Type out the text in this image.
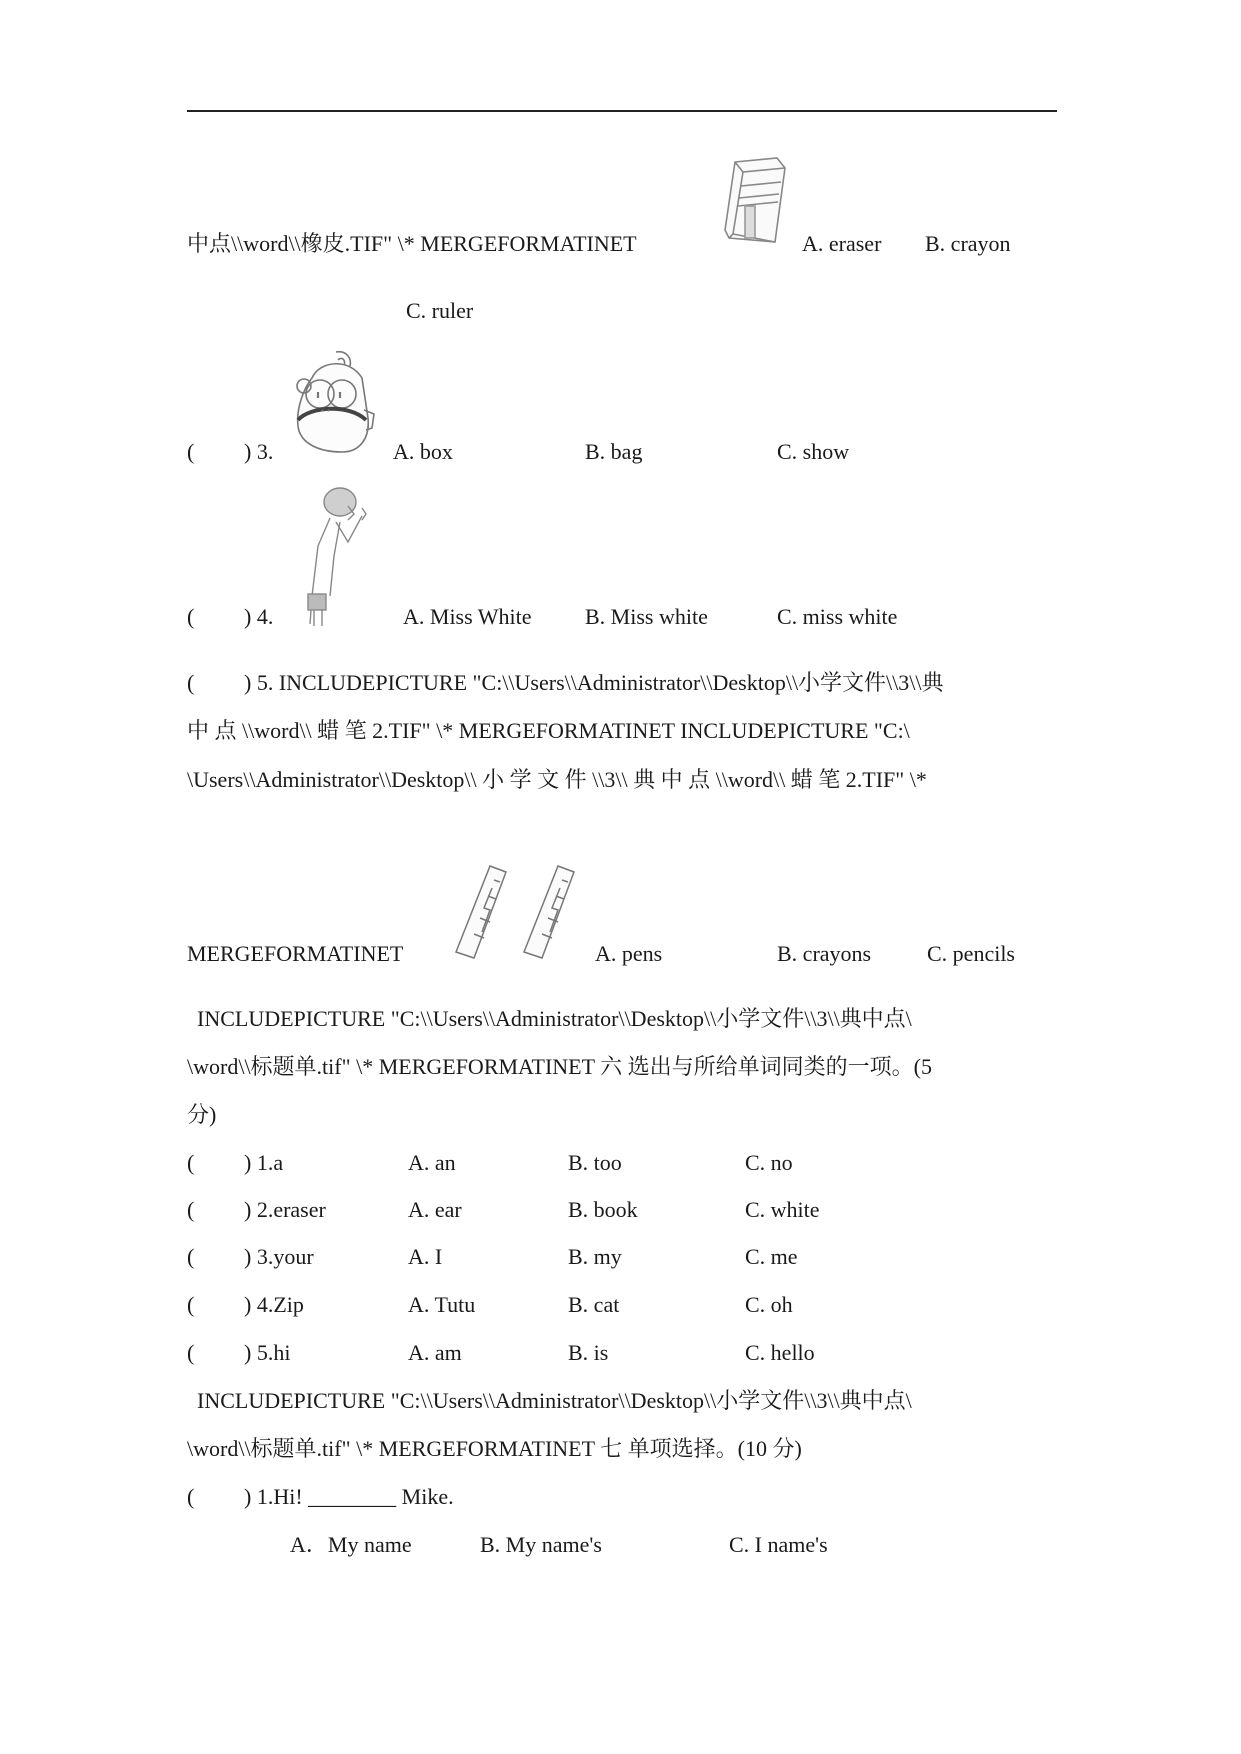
中点\\word\\橡皮.TIF" \* MERGEFORMATINET	A. eraser B. crayon
C. ruler
( ) 3.	A. box	B. bag	C. show
( ) 4.	A. Miss White B. Miss white	C. miss white
( ) 5. INCLUDEPICTURE "C:\\Users\\Administrator\\Desktop\\小学文件\\3\\典
中 点 \\word\\ 蜡 笔 2.TIF" \* MERGEFORMATINET INCLUDEPICTURE "C:\
\Users\\Administrator\\Desktop\\ 小 学 文 件 \\3\\ 典 中 点 \\word\\ 蜡 笔 2.TIF" \*
MERGEFORMATINET	A. pens	B. crayons	C. pencils
INCLUDEPICTURE "C:\\Users\\Administrator\\Desktop\\小学文件\\3\\典中点\
\word\\标题单.tif" \* MERGEFORMATINET 六 选出与所给单词同类的一项。(5
分)
( ) 1.a	A. an	B. too	C. no
( ) 2.eraser	A. ear	B. book	C. white
( ) 3.your	A. I	B. my	C. me
( ) 4.Zip	A. Tutu	B. cat	C. oh
( ) 5.hi	A. am	B. is	C. hello
INCLUDEPICTURE "C:\\Users\\Administrator\\Desktop\\小学文件\\3\\典中点\
\word\\标题单.tif" \* MERGEFORMATINET 七 单项选择。(10 分)
( ) 1.Hi! ________ Mike.
A．My name	B. My name's	C. I name's
